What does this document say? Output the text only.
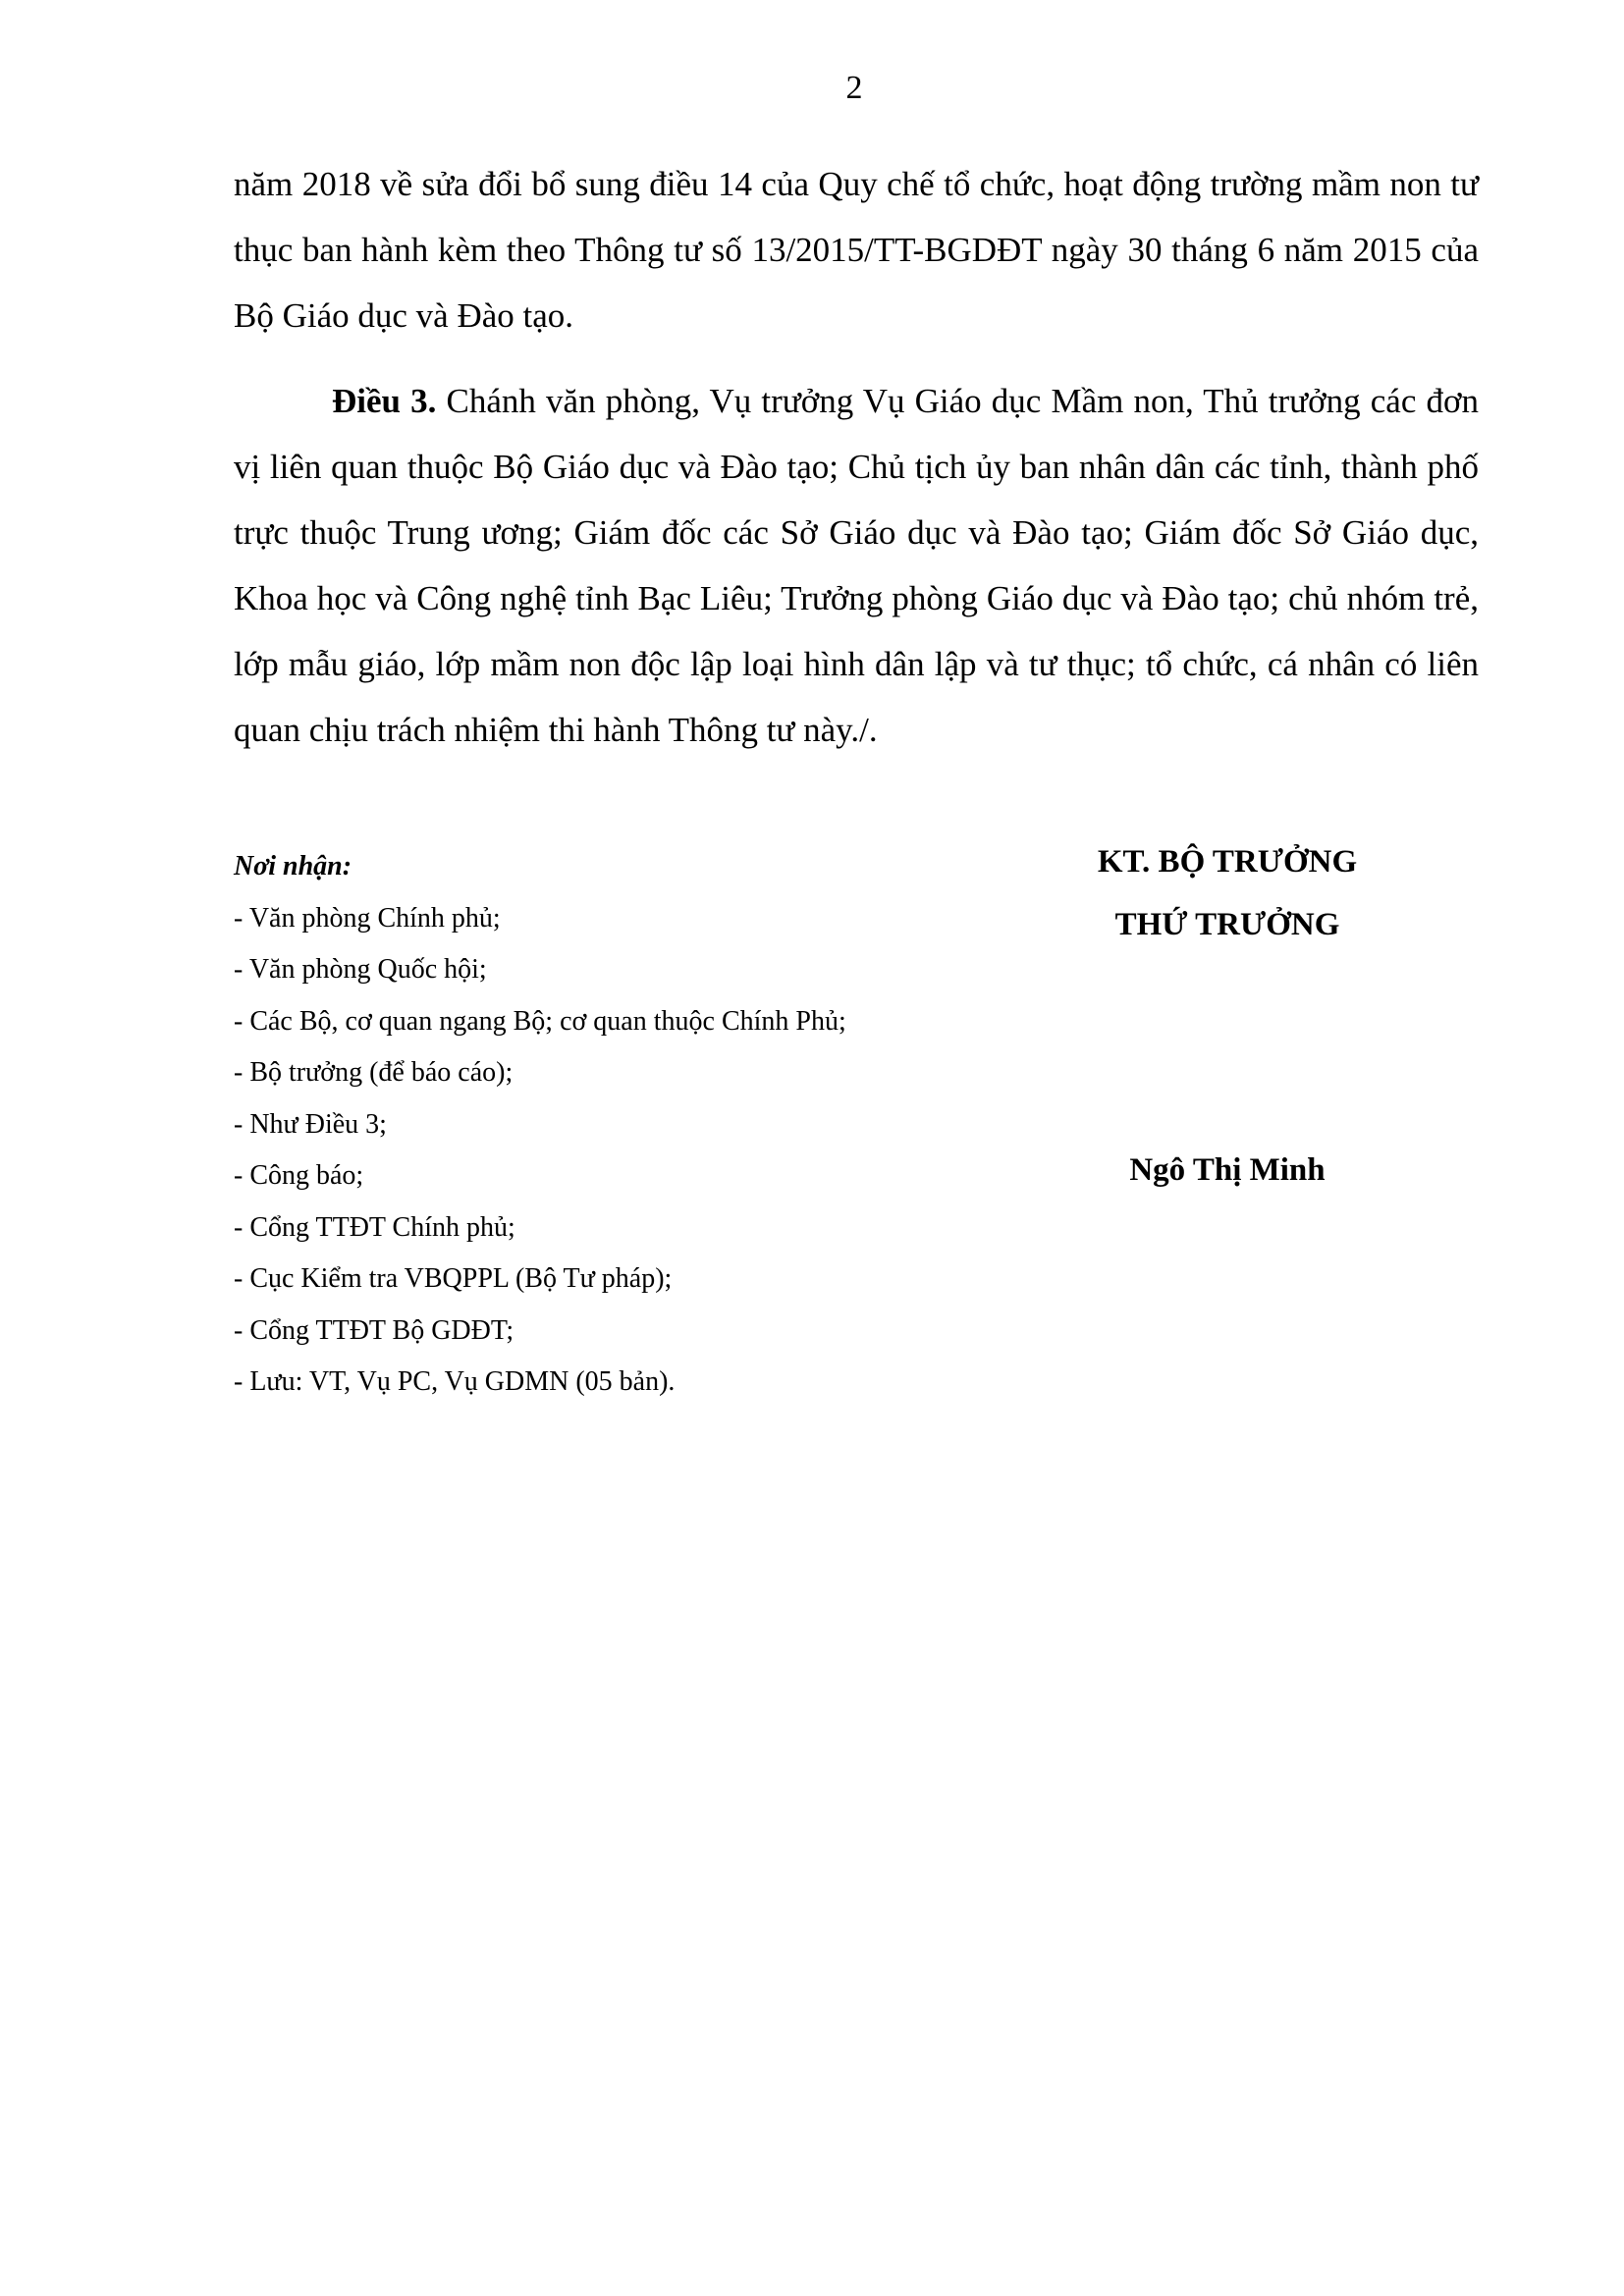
2

năm 2018 về sửa đổi bổ sung điều 14 của Quy chế tổ chức, hoạt động trường mầm non tư thục ban hành kèm theo Thông tư số 13/2015/TT-BGDĐT ngày 30 tháng 6 năm 2015 của Bộ Giáo dục và Đào tạo.

Điều 3. Chánh văn phòng, Vụ trưởng Vụ Giáo dục Mầm non, Thủ trưởng các đơn vị liên quan thuộc Bộ Giáo dục và Đào tạo; Chủ tịch ủy ban nhân dân các tỉnh, thành phố trực thuộc Trung ương; Giám đốc các Sở Giáo dục và Đào tạo; Giám đốc Sở Giáo dục, Khoa học và Công nghệ tỉnh Bạc Liêu; Trưởng phòng Giáo dục và Đào tạo; chủ nhóm trẻ, lớp mẫu giáo, lớp mầm non độc lập loại hình dân lập và tư thục; tổ chức, cá nhân có liên quan chịu trách nhiệm thi hành Thông tư này./.

Nơi nhận:
- Văn phòng Chính phủ;
- Văn phòng Quốc hội;
- Các Bộ, cơ quan ngang Bộ; cơ quan thuộc Chính Phủ;
- Bộ trưởng (để báo cáo);
- Như Điều 3;
- Công báo;
- Cổng TTĐT Chính phủ;
- Cục Kiểm tra VBQPPL (Bộ Tư pháp);
- Cổng TTĐT Bộ GDĐT;
- Lưu: VT, Vụ PC, Vụ GDMN (05 bản).
KT. BỘ TRƯỞNG
THỨ TRƯỞNG
Ngô Thị Minh
